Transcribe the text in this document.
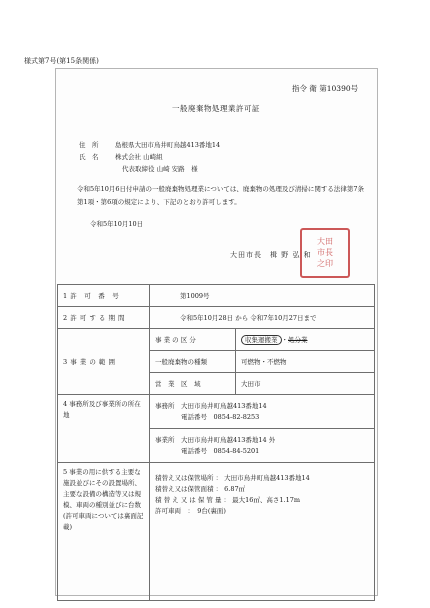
様式第7号(第15条関係)
指令 衛 第10390号
一般廃棄物処理業許可証
住　所	島根県大田市鳥井町鳥越413番地14
氏　名	株式会社 山崎組
代表取締役 山崎 安路　様
令和5年10月6日付申請の一般廃棄物処理業については、廃棄物の処理及び清掃に関する法律第7条第1項・第6項の規定により、下記のとおり許可します。
令和5年10月10日
大田市長　楫 野 弘 和
大田
市長
之印
1 許　可　番　号	第1009号	
2 許 可 す る 期 間	令和5年10月28日 から 令和7年10月27日まで	
3 事 業 の 範 囲	事 業 の 区 分	収集運搬業 ・処分業
	一般廃棄物の種類	可燃物・不燃物
	営　業　区　域	大田市
4 事務所及び事業所の所在地	事務所　大田市鳥井町鳥越413番地14
　　　　電話番号　0854-82-8253	

	事業所　大田市鳥井町鳥越413番地14 外
　　　　電話番号　0854-84-5201	

5 事業の用に供する主要な施設並びにその設置場所、主要な設備の構造等又は規模、車両の種別並びに台数(許可車両については裏面記載)	積替え又は保管場所 ： 大田市鳥井町鳥越413番地14
積替え又は保管面積 ： 6.87㎡
積 替 え 又 は 保 管 量 ： 最大16㎥、高さ1.17m
許可車両　：　9台(裏面)	
